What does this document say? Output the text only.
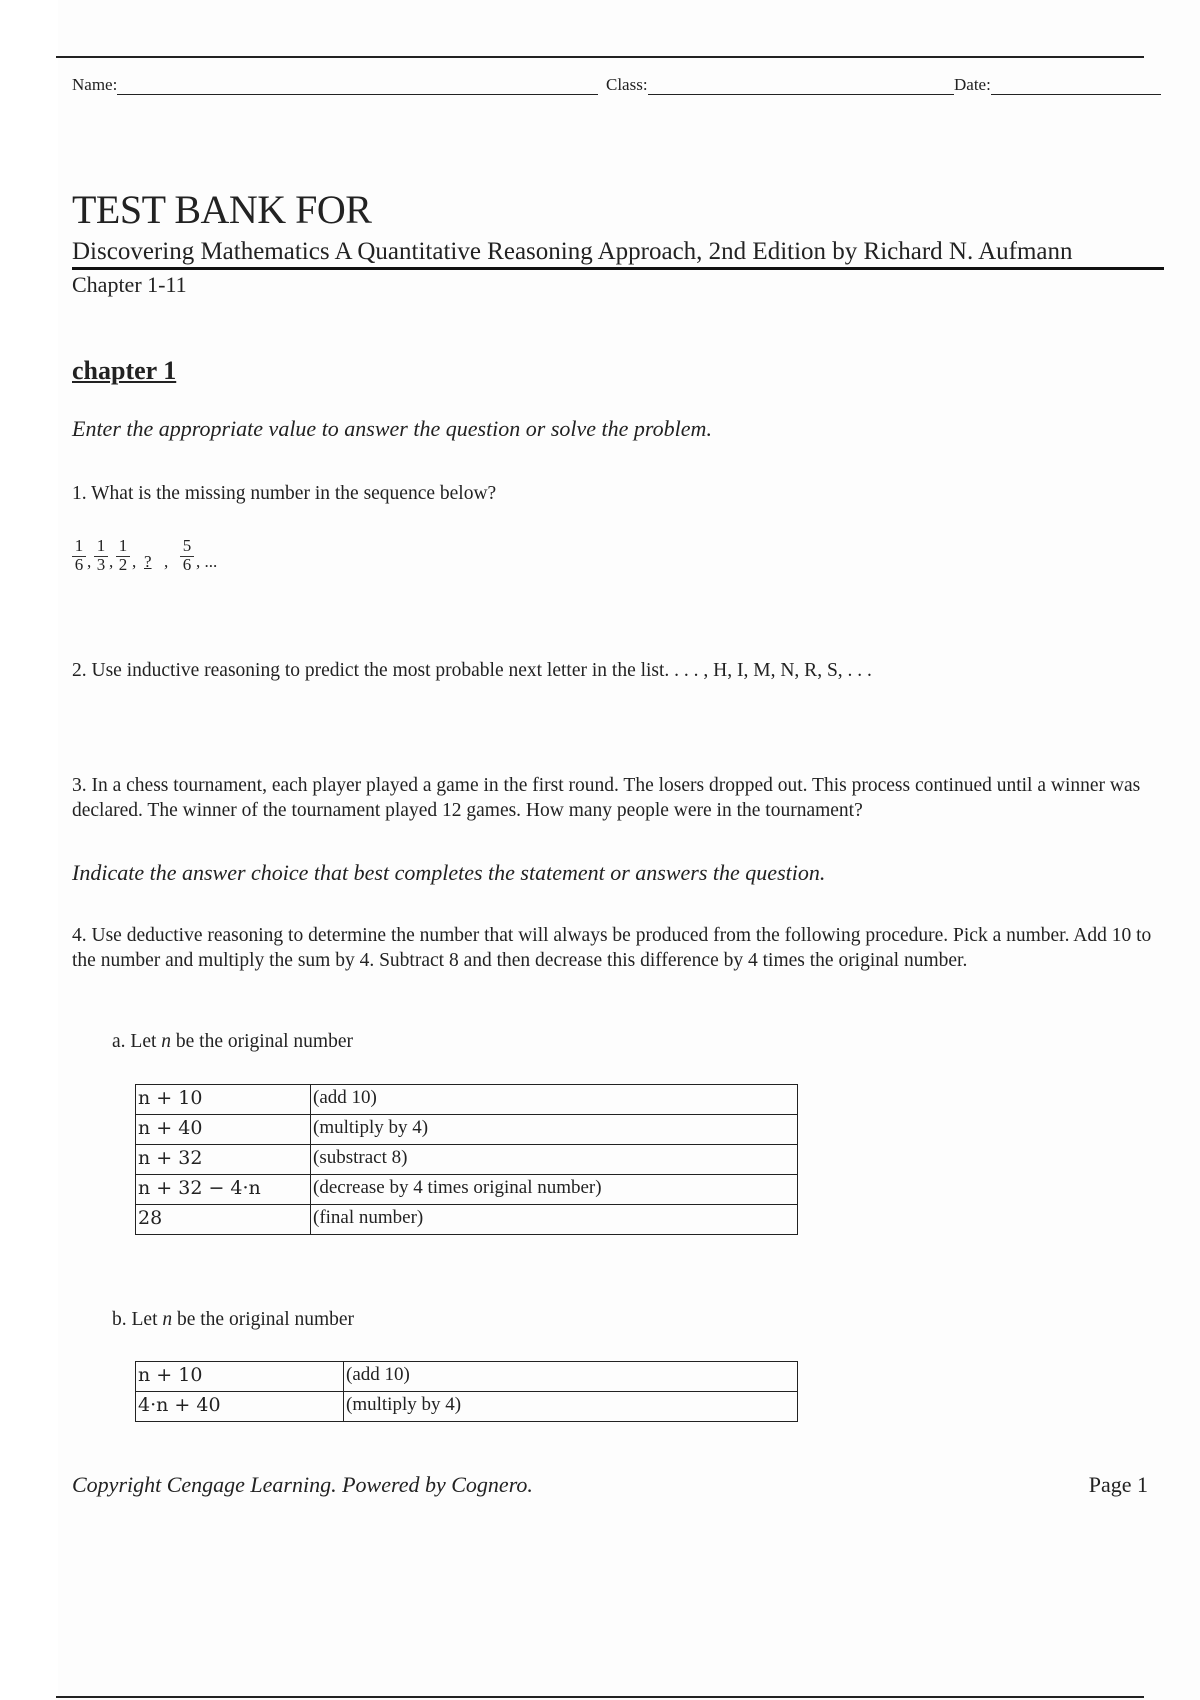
Name:	Class:	Date:
TEST BANK FOR
Discovering Mathematics A Quantitative Reasoning Approach, 2nd Edition by Richard N. Aufmann
Chapter 1-11
chapter 1
Enter the appropriate value to answer the question or solve the problem.
1. What is the missing number in the sequence below?
1
6 ,
1
3 ,
1
2 , ? ,
5
6 , ...
2. Use inductive reasoning to predict the most probable next letter in the list. . . . , H, I, M, N, R, S, . . .
3. In a chess tournament, each player played a game in the first round. The losers dropped out. This process continued until a winner was declared. The winner of the tournament played 12 games. How many people were in the tournament?
Indicate the answer choice that best completes the statement or answers the question.
4. Use deductive reasoning to determine the number that will always be produced from the following procedure. Pick a number. Add 10 to the number and multiply the sum by 4. Subtract 8 and then decrease this difference by 4 times the original number.
a. Let n be the original number
n + 10	(add 10)
n + 40	(multiply by 4)
n + 32	(substract 8)
n + 32 − 4·n	(decrease by 4 times original number)
28	(final number)
b. Let n be the original number
n + 10	(add 10)
4·n + 40	(multiply by 4)
Copyright Cengage Learning. Powered by Cognero.	Page 1
